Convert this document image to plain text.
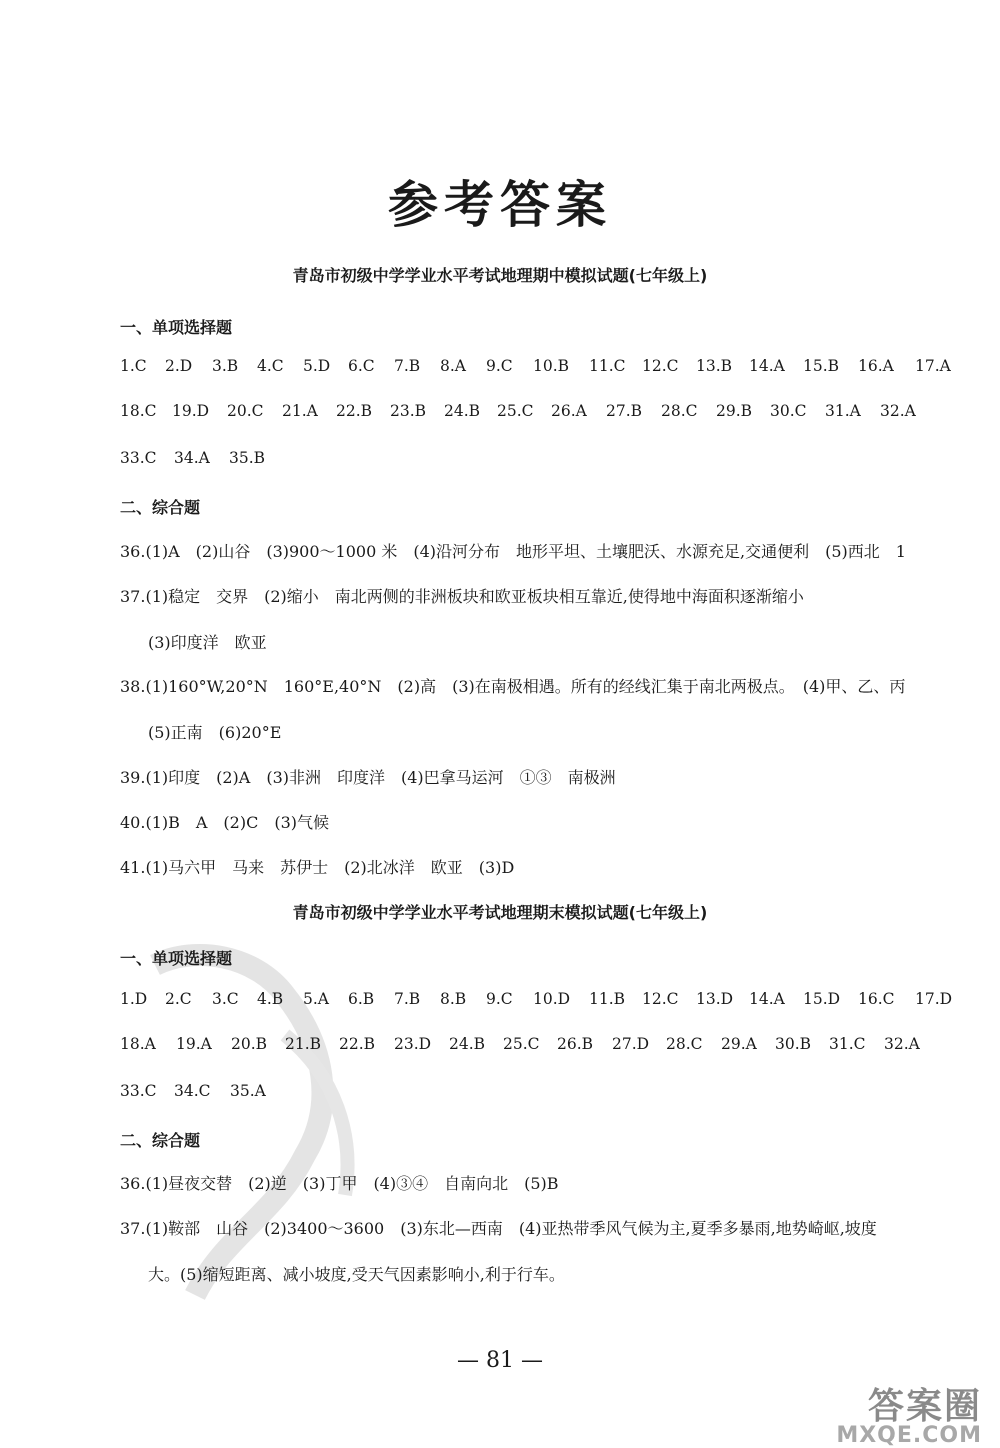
参考答案
青岛市初级中学学业水平考试地理期中模拟试题(七年级上)
一、单项选择题
1.C 2.D 3.B 4.C 5.D 6.C 7.B 8.A 9.C 10.B 11.C 12.C 13.B 14.A 15.B 16.A 17.A
18.C 19.D 20.C 21.A 22.B 23.B 24.B 25.C 26.A 27.B 28.C 29.B 30.C 31.A 32.A
33.C 34.A 35.B
二、综合题
36.(1)A　(2)山谷　(3)900～1000 米　(4)沿河分布　地形平坦、土壤肥沃、水源充足,交通便利　(5)西北　1
37.(1)稳定　交界　(2)缩小　南北两侧的非洲板块和欧亚板块相互靠近,使得地中海面积逐渐缩小
(3)印度洋　欧亚
38.(1)160°W,20°N　160°E,40°N　(2)高　(3)在南极相遇。所有的经线汇集于南北两极点。　(4)甲、乙、丙
(5)正南　(6)20°E
39.(1)印度　(2)A　(3)非洲　印度洋　(4)巴拿马运河　①③　南极洲
40.(1)B　A　(2)C　(3)气候
41.(1)马六甲　马来　苏伊士　(2)北冰洋　欧亚　(3)D
青岛市初级中学学业水平考试地理期末模拟试题(七年级上)
一、单项选择题
1.D 2.C 3.C 4.B 5.A 6.B 7.B 8.B 9.C 10.D 11.B 12.C 13.D 14.A 15.D 16.C 17.D
18.A 19.A 20.B 21.B 22.B 23.D 24.B 25.C 26.B 27.D 28.C 29.A 30.B 31.C 32.A
33.C 34.C 35.A
二、综合题
36.(1)昼夜交替　(2)逆　(3)丁甲　(4)③④　自南向北　(5)B
37.(1)鞍部　山谷　(2)3400～3600　(3)东北—西南　(4)亚热带季风气候为主,夏季多暴雨,地势崎岖,坡度
大。(5)缩短距离、减小坡度,受天气因素影响小,利于行车。
— 81 —
答案圈
MXQE.COM
